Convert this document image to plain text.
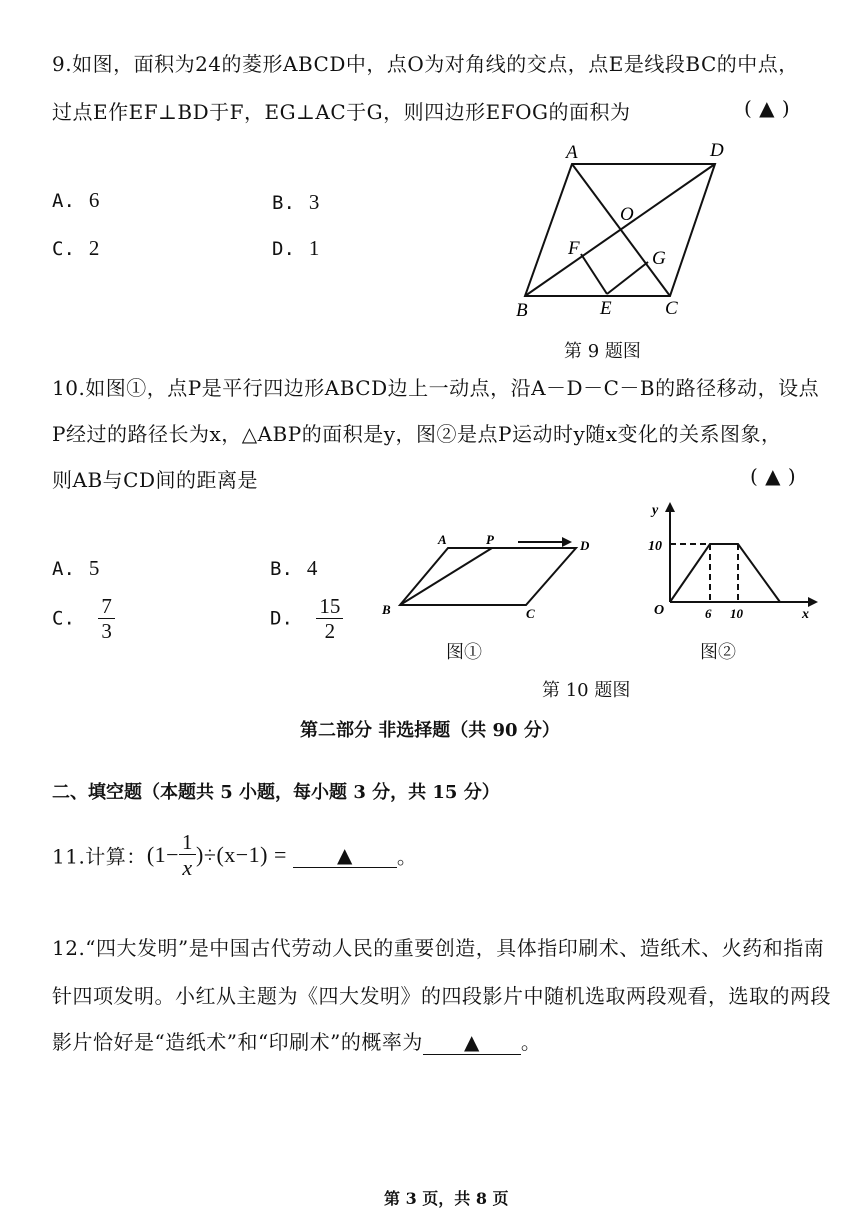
9.如图，面积为24的菱形ABCD中，点O为对角线的交点，点E是线段BC的中点，
过点E作EF⊥BD于F，EG⊥AC于G，则四边形EFOG的面积为	( ▲ )
A. 6	B. 3
C. 2	D. 1
A	D
O
F	G
B	E	C
第 9 题图
10.如图①，点P是平行四边形ABCD边上一动点，沿A－D－C－B的路径移动，设点
P经过的路径长为x，△ABP的面积是y，图②是点P运动时y随x变化的关系图象，
则AB与CD间的距离是	( ▲ )
A. 5	B. 4
C. $\frac{7}{3}$	D. $\frac{15}{2}$
A	P	D
B	C
图①
y
x
O
10
6 10
图②
第 10 题图
第二部分 非选择题（共 90 分）
二、填空题（本题共 5 小题，每小题 3 分，共 15 分）
11.计算：$(1- \frac{1}{x} )\div(x-1)$ =	▲ 。
12.“四大发明”是中国古代劳动人民的重要创造，具体指印刷术、造纸术、火药和指南
针四项发明。小红从主题为《四大发明》的四段影片中随机选取两段观看，选取的两段
影片恰好是“造纸术”和“印刷术”的概率为 ▲ 。
第 3 页，共 8 页
